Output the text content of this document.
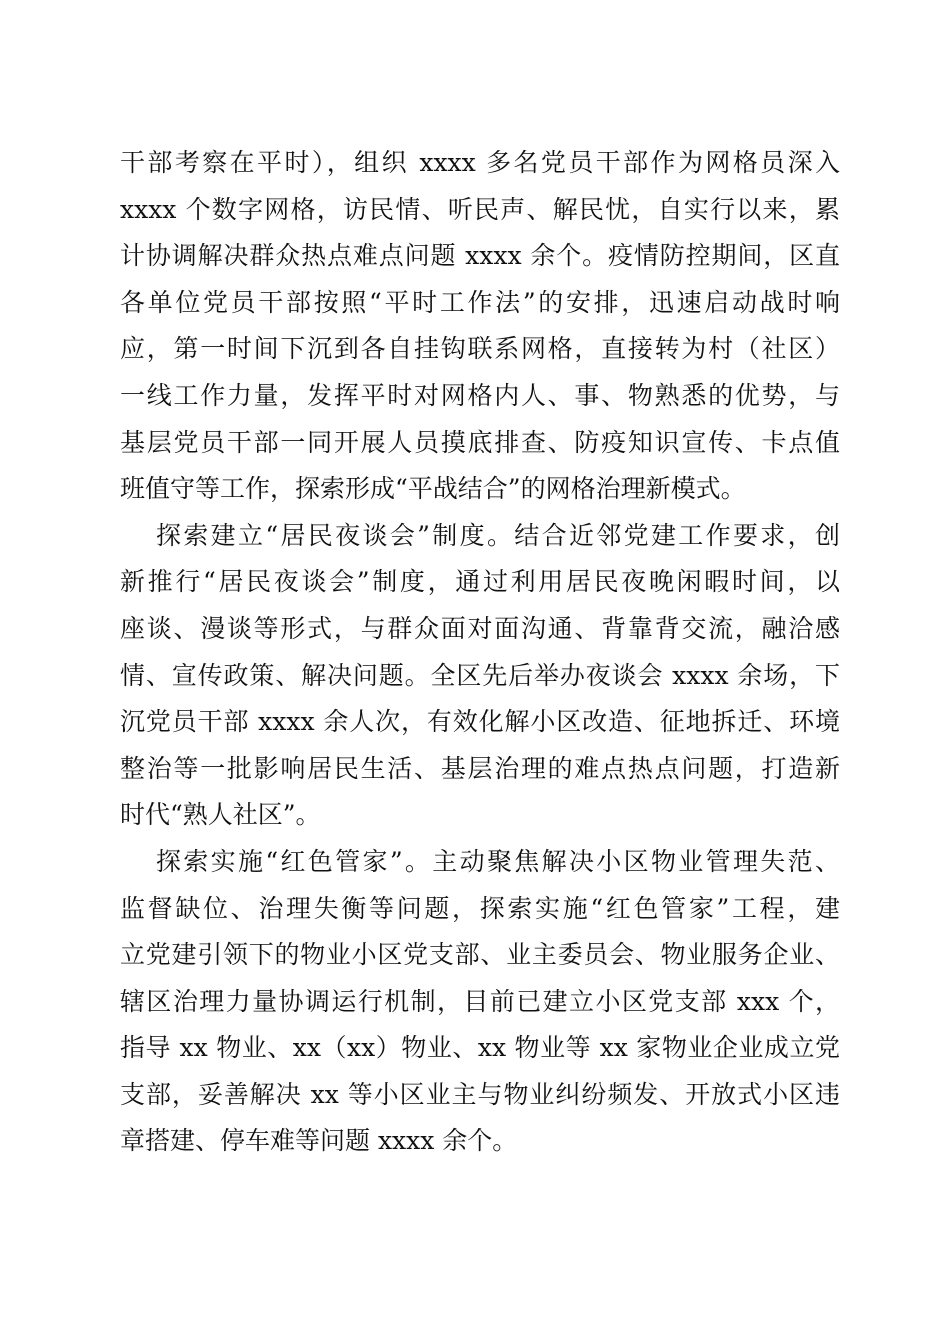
干部考察在平时），组织 xxxx 多名党员干部作为网格员深入
xxxx 个数字网格，访民情、听民声、解民忧，自实行以来，累
计协调解决群众热点难点问题 xxxx 余个。疫情防控期间，区直
各单位党员干部按照“平时工作法”的安排，迅速启动战时响
应，第一时间下沉到各自挂钩联系网格，直接转为村（社区）
一线工作力量，发挥平时对网格内人、事、物熟悉的优势，与
基层党员干部一同开展人员摸底排查、防疫知识宣传、卡点值
班值守等工作，探索形成“平战结合”的网格治理新模式。
探索建立“居民夜谈会”制度。结合近邻党建工作要求，创
新推行“居民夜谈会”制度，通过利用居民夜晚闲暇时间，以
座谈、漫谈等形式，与群众面对面沟通、背靠背交流，融洽感
情、宣传政策、解决问题。全区先后举办夜谈会 xxxx 余场，下
沉党员干部 xxxx 余人次，有效化解小区改造、征地拆迁、环境
整治等一批影响居民生活、基层治理的难点热点问题，打造新
时代“熟人社区”。
探索实施“红色管家”。主动聚焦解决小区物业管理失范、
监督缺位、治理失衡等问题，探索实施“红色管家”工程，建
立党建引领下的物业小区党支部、业主委员会、物业服务企业、
辖区治理力量协调运行机制，目前已建立小区党支部 xxx 个，
指导 xx 物业、xx（xx）物业、xx 物业等 xx 家物业企业成立党
支部，妥善解决 xx 等小区业主与物业纠纷频发、开放式小区违
章搭建、停车难等问题 xxxx 余个。
